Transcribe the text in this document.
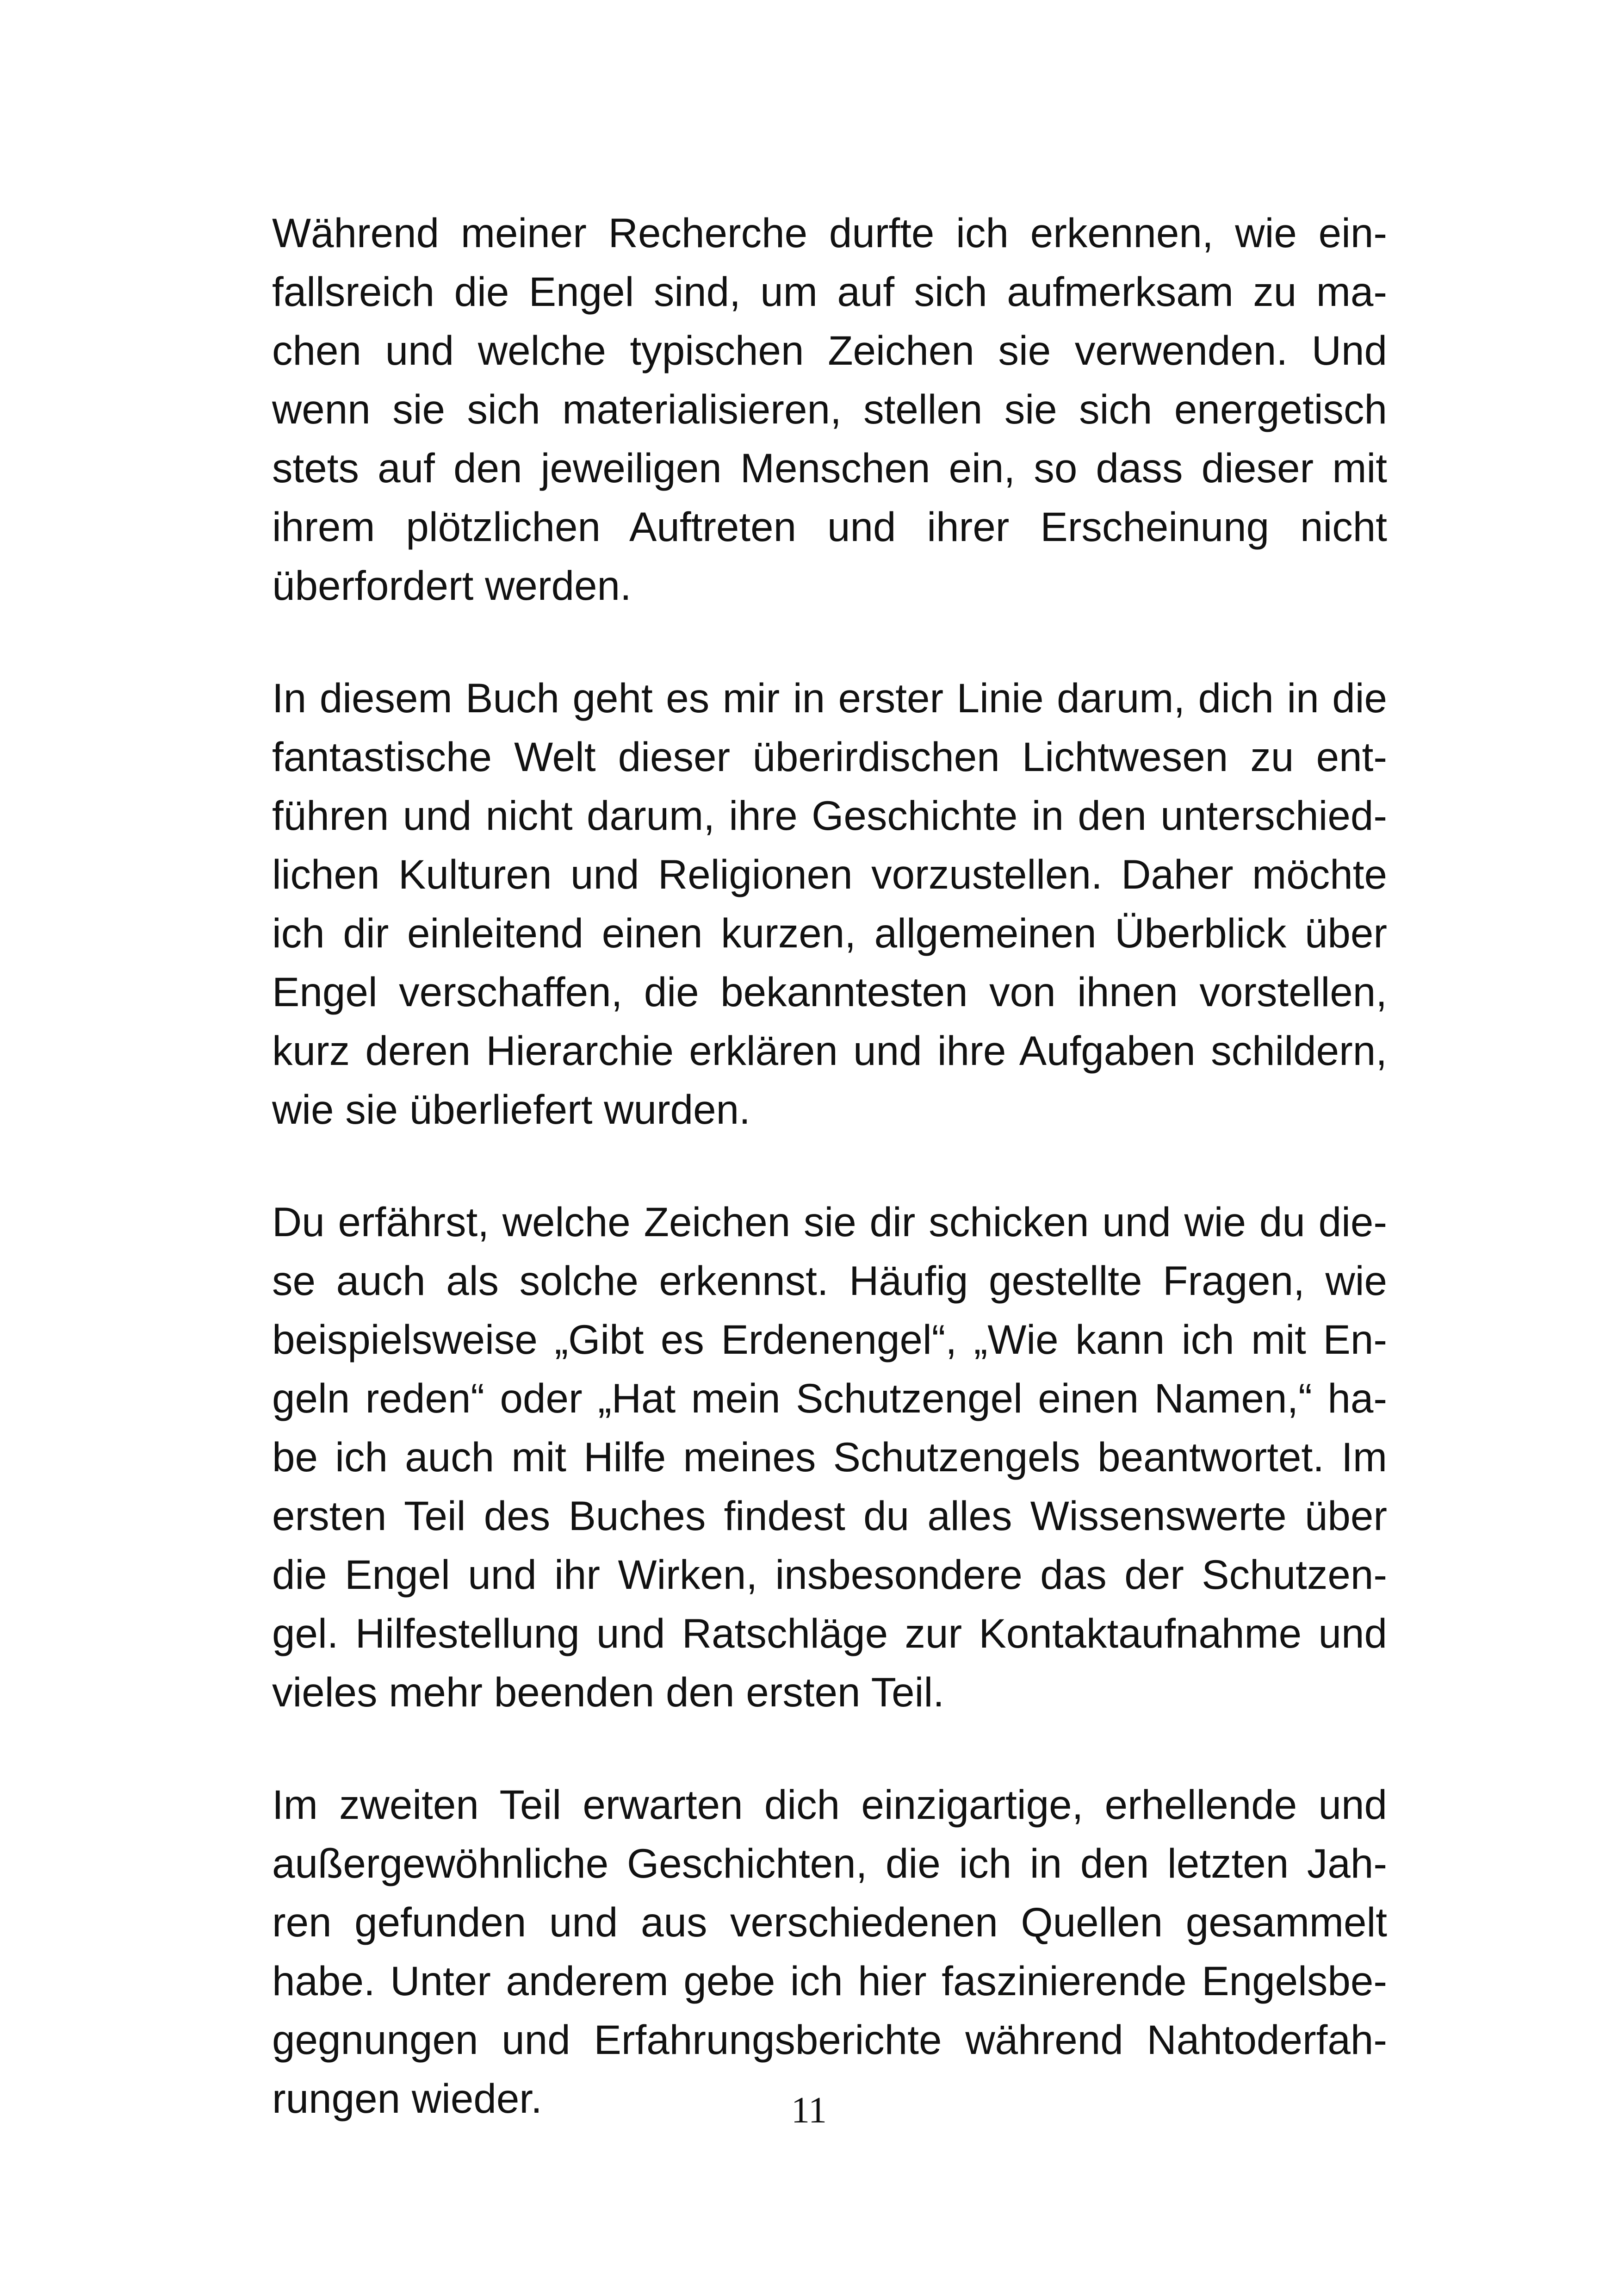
Während meiner Recherche durfte ich erkennen, wie ein-
fallsreich die Engel sind, um auf sich aufmerksam zu ma-
chen und welche typischen Zeichen sie verwenden. Und
wenn sie sich materialisieren, stellen sie sich energetisch
stets auf den jeweiligen Menschen ein, so dass dieser mit
ihrem plötzlichen Auftreten und ihrer Erscheinung nicht
überfordert werden.
In diesem Buch geht es mir in erster Linie darum, dich in die
fantastische Welt dieser überirdischen Lichtwesen zu ent-
führen und nicht darum, ihre Geschichte in den unterschied-
lichen Kulturen und Religionen vorzustellen. Daher möchte
ich dir einleitend einen kurzen, allgemeinen Überblick über
Engel verschaffen, die bekanntesten von ihnen vorstellen,
kurz deren Hierarchie erklären und ihre Aufgaben schildern,
wie sie überliefert wurden.
Du erfährst, welche Zeichen sie dir schicken und wie du die-
se auch als solche erkennst. Häufig gestellte Fragen, wie
beispielsweise „Gibt es Erdenengel“, „Wie kann ich mit En-
geln reden“ oder „Hat mein Schutzengel einen Namen,“ ha-
be ich auch mit Hilfe meines Schutzengels beantwortet. Im
ersten Teil des Buches findest du alles Wissenswerte über
die Engel und ihr Wirken, insbesondere das der Schutzen-
gel. Hilfestellung und Ratschläge zur Kontaktaufnahme und
vieles mehr beenden den ersten Teil.
Im zweiten Teil erwarten dich einzigartige, erhellende und
außergewöhnliche Geschichten, die ich in den letzten Jah-
ren gefunden und aus verschiedenen Quellen gesammelt
habe. Unter anderem gebe ich hier faszinierende Engelsbe-
gegnungen und Erfahrungsberichte während Nahtoderfah-
rungen wieder.	11
